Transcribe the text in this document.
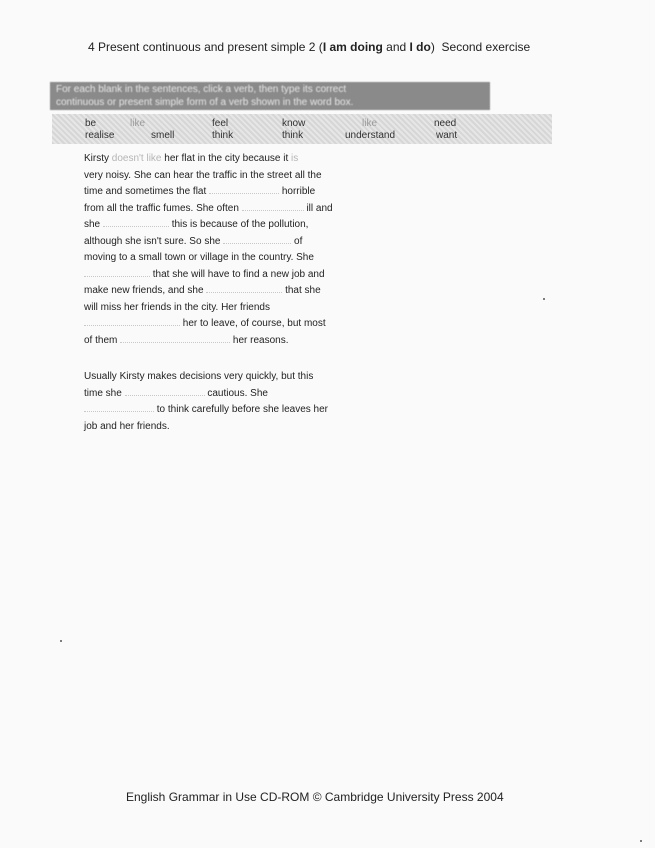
4 Present continuous and present simple 2 (I am doing and I do) Second exercise
For each blank in the sentences, click a verb, then type its correct
continuous or present simple form of a verb shown in the word box.
be	like	feel	know	like	need
realise	smell	think	think	understand	want
Kirsty doesn't like her flat in the city because it is
very noisy. She can hear the traffic in the street all the
time and sometimes the flat	horrible
from all the traffic fumes. She often	ill and
she	this is because of the pollution,
although she isn't sure. So she	of
moving to a small town or village in the country. She
that she will have to find a new job and
make new friends, and she	that she
will miss her friends in the city. Her friends
her to leave, of course, but most
of them	her reasons.
Usually Kirsty makes decisions very quickly, but this
time she	cautious. She
to think carefully before she leaves her
job and her friends.
English Grammar in Use CD-ROM © Cambridge University Press 2004
